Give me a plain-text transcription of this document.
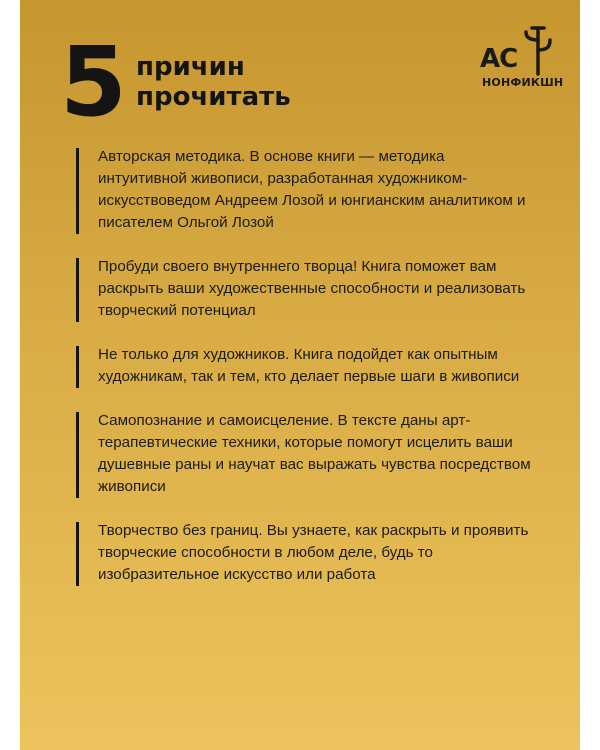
5 причин
прочитать
АС
НОНФИКШН

Авторская методика. В основе книги — методика интуитивной живописи, разработанная художником-искусствоведом Андреем Лозой и юнгианским аналитиком и писателем Ольгой Лозой

Пробуди своего внутреннего творца! Книга поможет вам раскрыть ваши художественные способности и реализовать творческий потенциал

Не только для художников. Книга подойдет как опытным художникам, так и тем, кто делает первые шаги в живописи

Самопознание и самоисцеление. В тексте даны арт-терапевтические техники, которые помогут исцелить ваши душевные раны и научат вас выражать чувства посредством живописи

Творчество без границ. Вы узнаете, как раскрыть и проявить творческие способности в любом деле, будь то изобразительное искусство или работа
